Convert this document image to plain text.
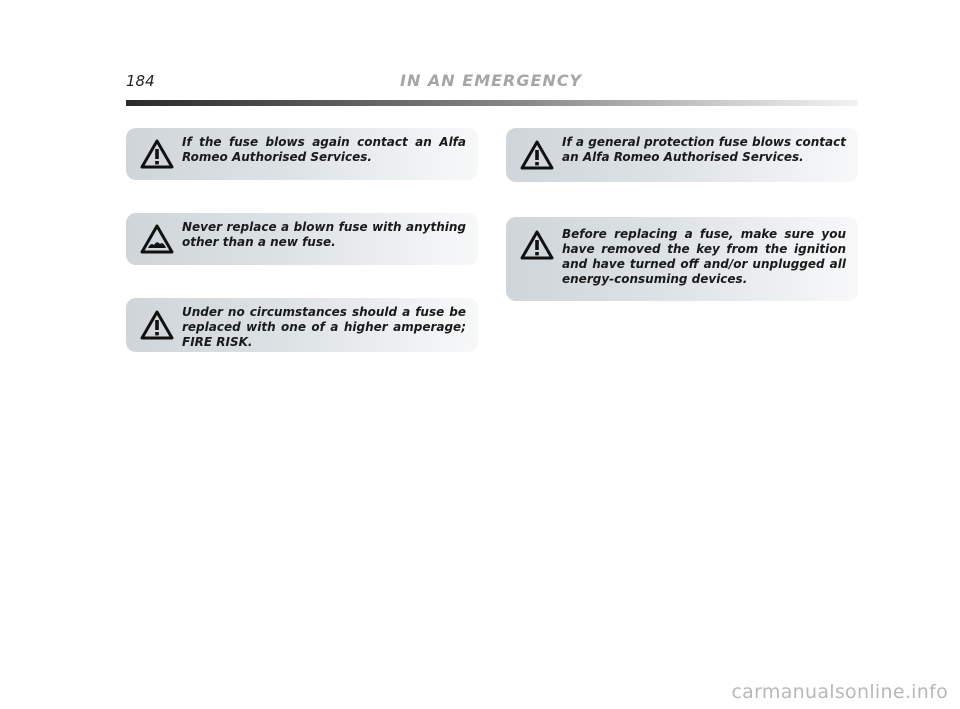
184	IN AN EMERGENCY
If the fuse blows again contact an Alfa Romeo Authorised Services.
Never replace a blown fuse with anything other than a new fuse.
Under no circumstances should a fuse be replaced with one of a higher amperage; FIRE RISK.
If a general protection fuse blows contact an Alfa Romeo Authorised Services.
Before replacing a fuse, make sure you have removed the key from the ignition and have turned off and/or unplugged all energy-consuming devices.
carmanualsonline.info
